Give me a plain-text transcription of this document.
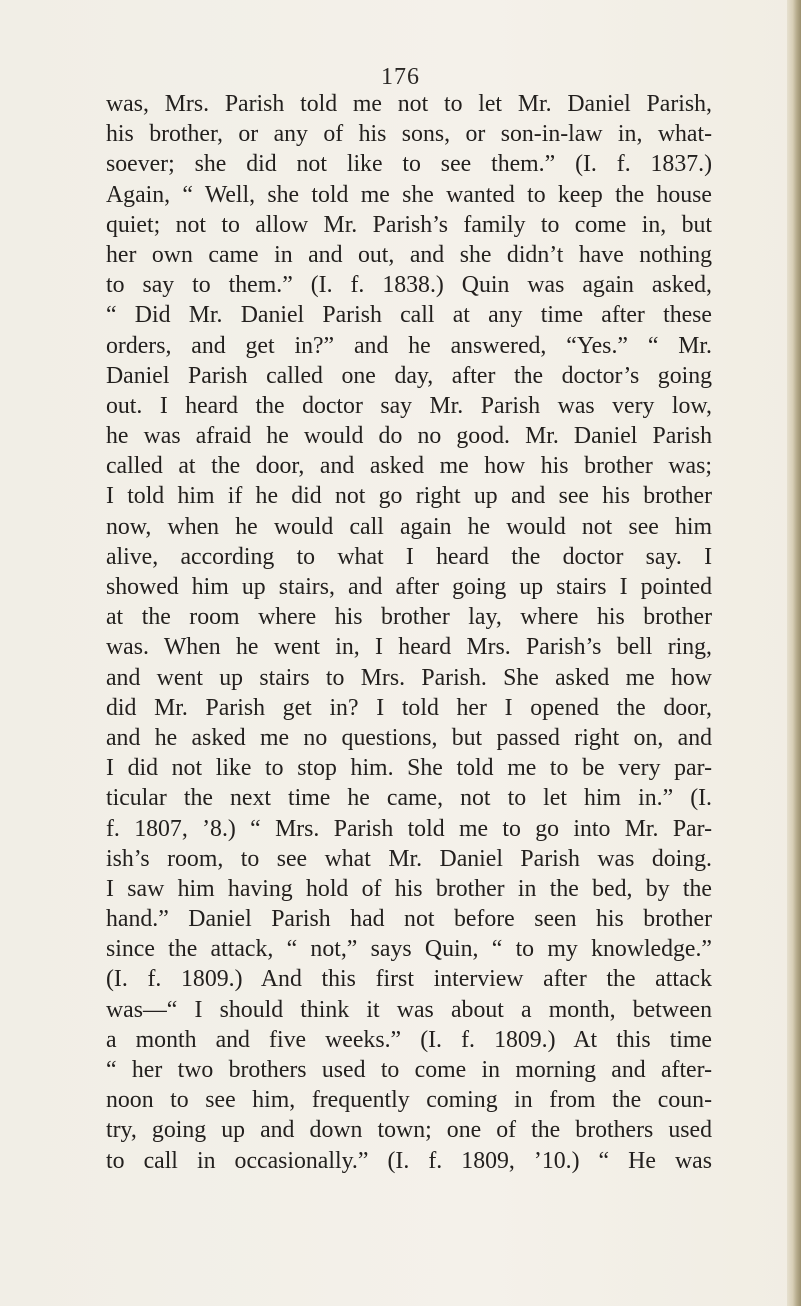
176
was, Mrs. Parish told me not to let Mr. Daniel Parish,
his brother, or any of his sons, or son-in-law in, what-
soever; she did not like to see them.” (I. f. 1837.)
Again, “ Well, she told me she wanted to keep the house
quiet; not to allow Mr. Parish’s family to come in, but
her own came in and out, and she didn’t have nothing
to say to them.” (I. f. 1838.) Quin was again asked,
“ Did Mr. Daniel Parish call at any time after these
orders, and get in?” and he answered, “Yes.” “ Mr.
Daniel Parish called one day, after the doctor’s going
out. I heard the doctor say Mr. Parish was very low,
he was afraid he would do no good. Mr. Daniel Parish
called at the door, and asked me how his brother was;
I told him if he did not go right up and see his brother
now, when he would call again he would not see him
alive, according to what I heard the doctor say. I
showed him up stairs, and after going up stairs I pointed
at the room where his brother lay, where his brother
was. When he went in, I heard Mrs. Parish’s bell ring,
and went up stairs to Mrs. Parish. She asked me how
did Mr. Parish get in? I told her I opened the door,
and he asked me no questions, but passed right on, and
I did not like to stop him. She told me to be very par-
ticular the next time he came, not to let him in.” (I.
f. 1807, ’8.) “ Mrs. Parish told me to go into Mr. Par-
ish’s room, to see what Mr. Daniel Parish was doing.
I saw him having hold of his brother in the bed, by the
hand.” Daniel Parish had not before seen his brother
since the attack, “ not,” says Quin, “ to my knowledge.”
(I. f. 1809.) And this first interview after the attack
was—“ I should think it was about a month, between
a month and five weeks.” (I. f. 1809.) At this time
“ her two brothers used to come in morning and after-
noon to see him, frequently coming in from the coun-
try, going up and down town; one of the brothers used
to call in occasionally.” (I. f. 1809, ’10.) “ He was
